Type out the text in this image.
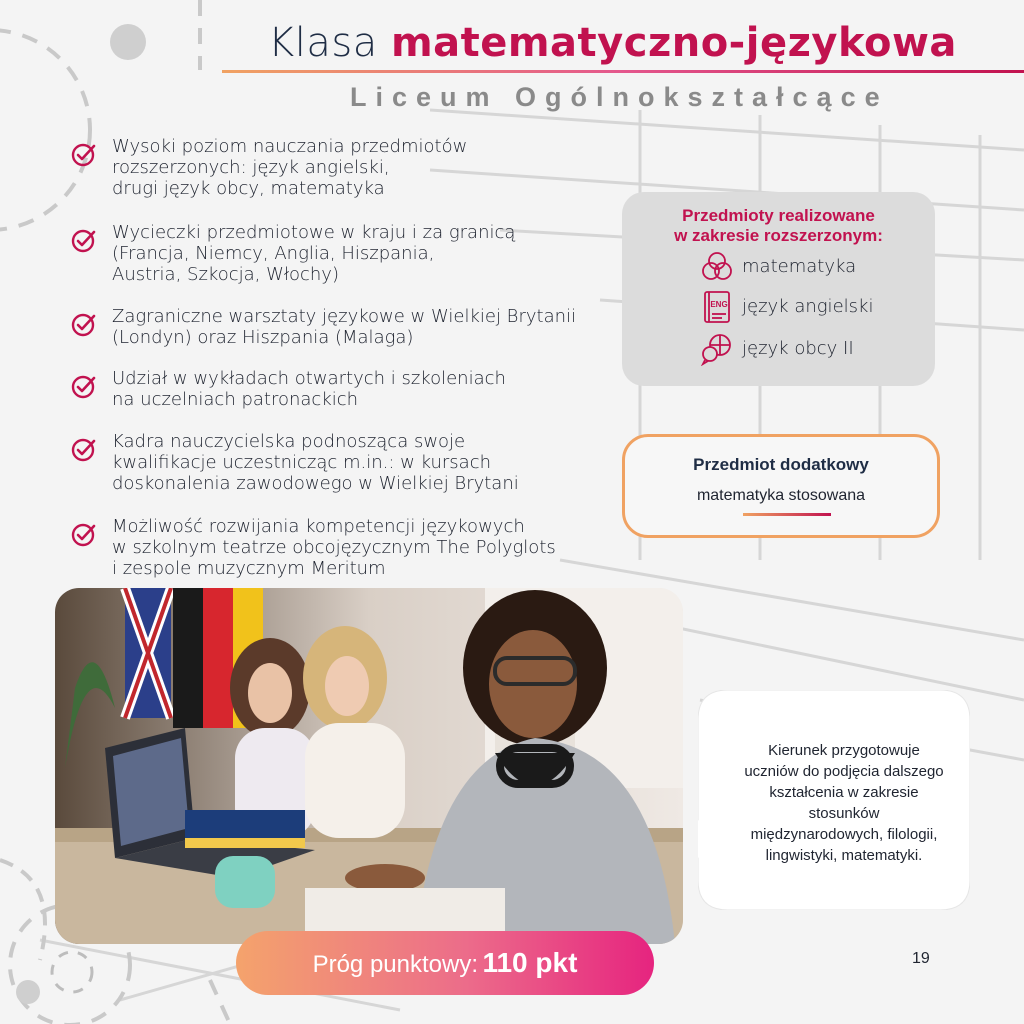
Klasa matematyczno-językowa
Liceum Ogólnokształcące
Wysoki poziom nauczania przedmiotów
rozszerzonych: język angielski,
drugi język obcy, matematyka
Wycieczki przedmiotowe w kraju i za granicą
(Francja, Niemcy, Anglia, Hiszpania,
Austria, Szkocja, Włochy)
Zagraniczne warsztaty językowe w Wielkiej Brytanii
(Londyn) oraz Hiszpania (Malaga)
Udział w wykładach otwartych i szkoleniach
na uczelniach patronackich
Kadra nauczycielska podnosząca swoje
kwalifikacje uczestnicząc m.in.: w kursach
doskonalenia zawodowego w Wielkiej Brytani
Możliwość rozwijania kompetencji językowych
w szkolnym teatrze obcojęzycznym The Polyglots
i zespole muzycznym Meritum
Przedmioty realizowane
w zakresie rozszerzonym:
matematyka
ENG język angielski
język obcy II
Przedmiot dodatkowy
matematyka stosowana
Kierunek przygotowuje
uczniów do podjęcia dalszego
kształcenia w zakresie stosunków
międzynarodowych, filologii,
lingwistyki, matematyki.
Próg punktowy: 110 pkt	19
